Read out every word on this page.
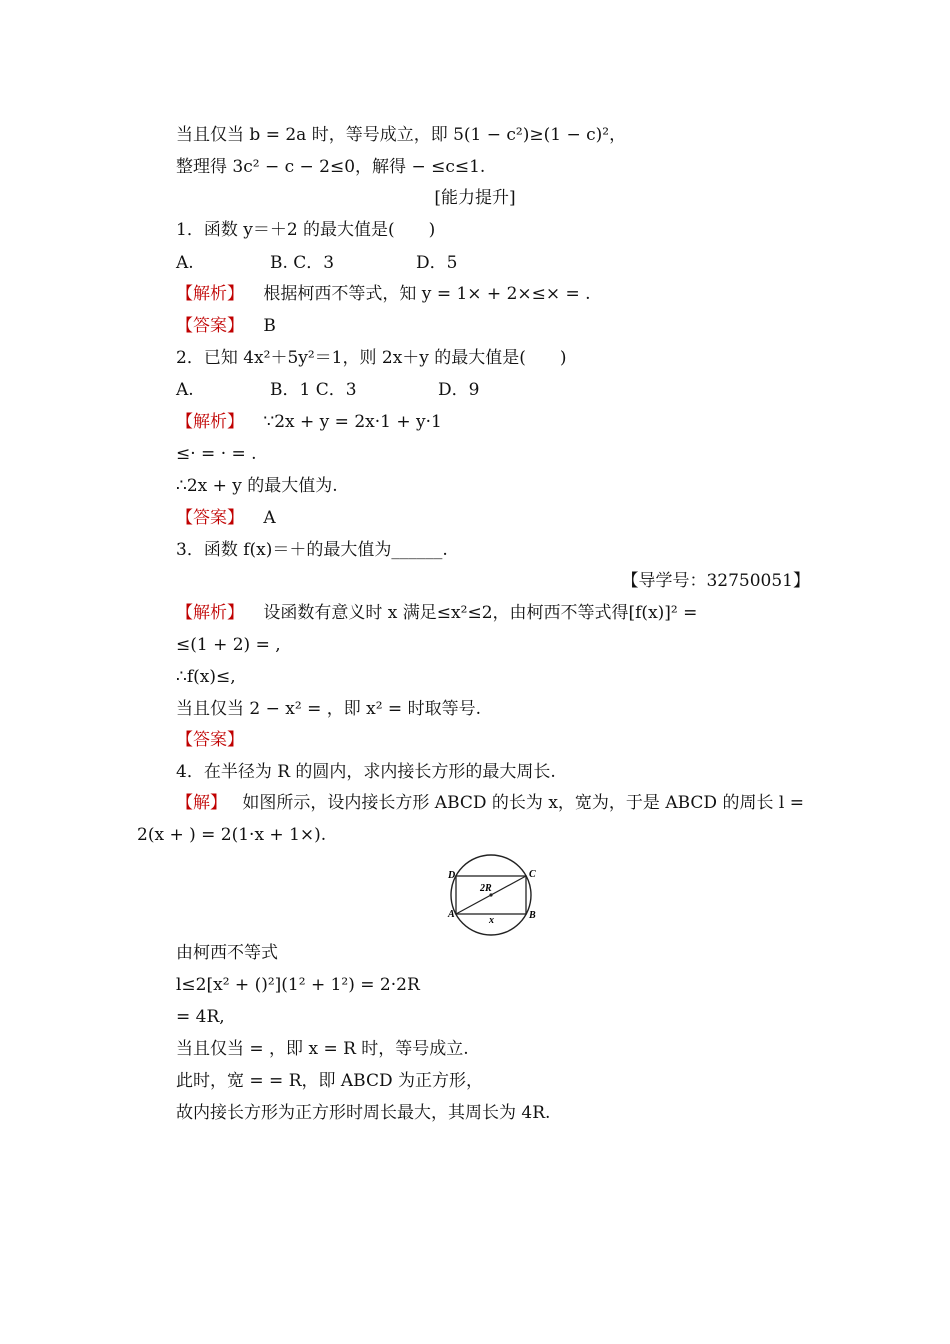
当且仅当 b = 2a 时，等号成立，即 5(1 − c²)≥(1 − c)²，
整理得 3c² − c − 2≤0，解得 − ≤c≤1.
[能力提升]
1．函数 y＝＋2 的最大值是(　　)
A.	B. C．3	D．5
【解析】 根据柯西不等式，知 y = 1× + 2×≤× = .
【答案】 B
2．已知 4x²＋5y²＝1，则 2x＋y 的最大值是(　　)
A.	B．1 C．3	D．9
【解析】 ∵2x + y = 2x·1 + y·1
≤· = · = .
∴2x + y 的最大值为.
【答案】 A
3．函数 f(x)＝＋的最大值为______.
【导学号：32750051】
【解析】 设函数有意义时 x 满足≤x²≤2，由柯西不等式得[f(x)]² =
≤(1 + 2) = ,
∴f(x)≤,
当且仅当 2 − x² = ，即 x² = 时取等号.
【答案】
4．在半径为 R 的圆内，求内接长方形的最大周长.
【解】 如图所示，设内接长方形 ABCD 的长为 x，宽为，于是 ABCD 的周长 l =
2(x + ) = 2(1·x + 1×).
D	C
A	B
2R
x
由柯西不等式
l≤2[x² + ()²](1² + 1²) = 2·2R
= 4R,
当且仅当 = ，即 x = R 时，等号成立.
此时，宽 = = R，即 ABCD 为正方形，
故内接长方形为正方形时周长最大，其周长为 4R.
